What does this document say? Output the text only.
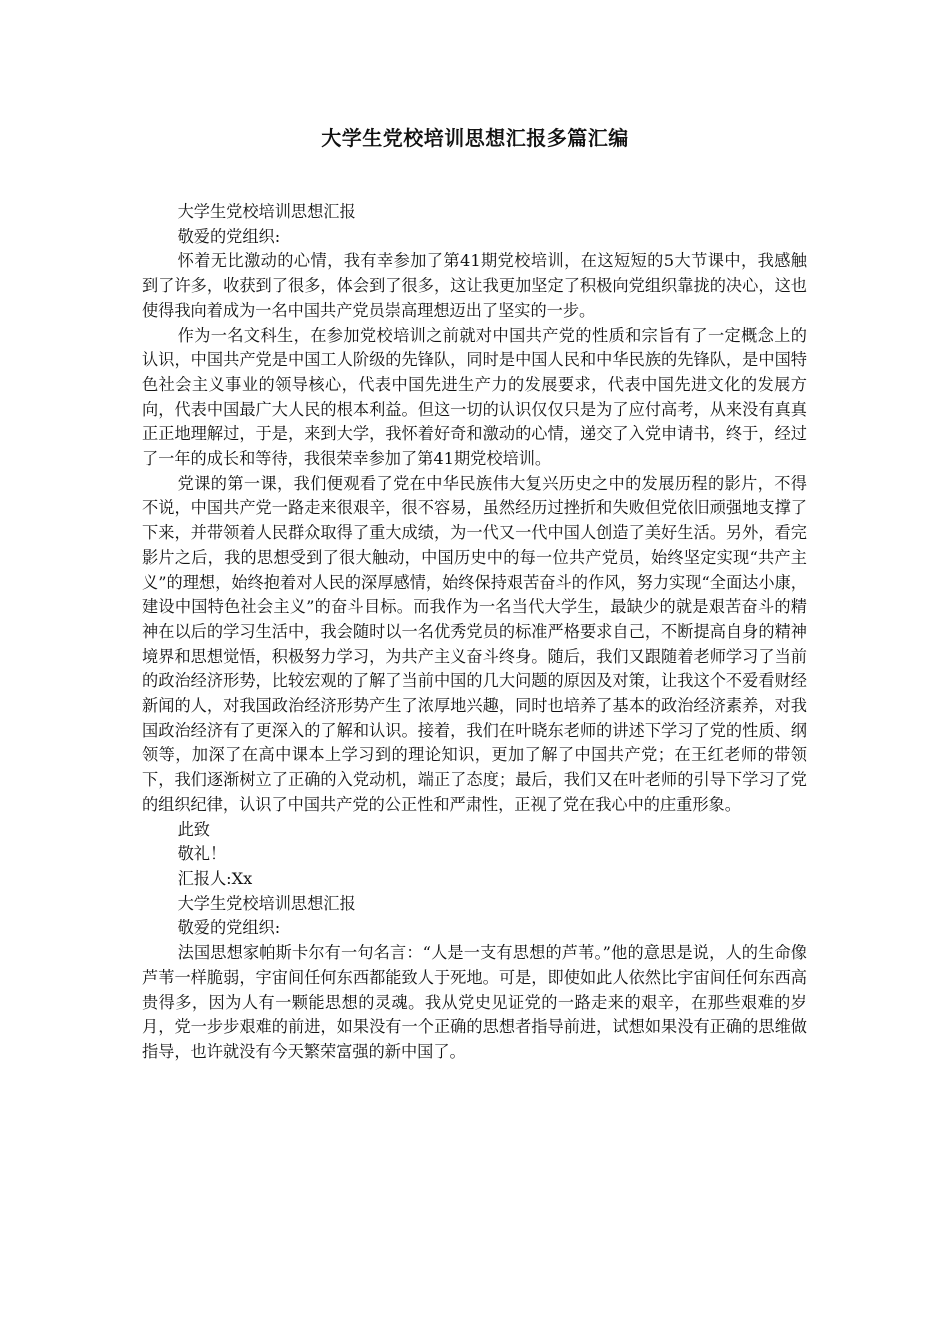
大学生党校培训思想汇报多篇汇编

大学生党校培训思想汇报

敬爱的党组织:

怀着无比激动的心情，我有幸参加了第41期党校培训，在这短短的5大节课中，我感触到了许多，收获到了很多，体会到了很多，这让我更加坚定了积极向党组织靠拢的决心，这也使得我向着成为一名中国共产党员崇高理想迈出了坚实的一步。

作为一名文科生，在参加党校培训之前就对中国共产党的性质和宗旨有了一定概念上的认识，中国共产党是中国工人阶级的先锋队，同时是中国人民和中华民族的先锋队，是中国特色社会主义事业的领导核心，代表中国先进生产力的发展要求，代表中国先进文化的发展方向，代表中国最广大人民的根本利益。但这一切的认识仅仅只是为了应付高考，从来没有真真正正地理解过，于是，来到大学，我怀着好奇和激动的心情，递交了入党申请书，终于，经过了一年的成长和等待，我很荣幸参加了第41期党校培训。

党课的第一课，我们便观看了党在中华民族伟大复兴历史之中的发展历程的影片，不得不说，中国共产党一路走来很艰辛，很不容易，虽然经历过挫折和失败但党依旧顽强地支撑了下来，并带领着人民群众取得了重大成绩，为一代又一代中国人创造了美好生活。另外，看完影片之后，我的思想受到了很大触动，中国历史中的每一位共产党员，始终坚定实现“共产主义”的理想，始终抱着对人民的深厚感情，始终保持艰苦奋斗的作风，努力实现“全面达小康，建设中国特色社会主义”的奋斗目标。而我作为一名当代大学生，最缺少的就是艰苦奋斗的精神在以后的学习生活中，我会随时以一名优秀党员的标准严格要求自己，不断提高自身的精神境界和思想觉悟，积极努力学习，为共产主义奋斗终身。随后，我们又跟随着老师学习了当前的政治经济形势，比较宏观的了解了当前中国的几大问题的原因及对策，让我这个不爱看财经新闻的人，对我国政治经济形势产生了浓厚地兴趣，同时也培养了基本的政治经济素养，对我国政治经济有了更深入的了解和认识。接着，我们在叶晓东老师的讲述下学习了党的性质、纲领等，加深了在高中课本上学习到的理论知识，更加了解了中国共产党；在王红老师的带领下，我们逐渐树立了正确的入党动机，端正了态度；最后，我们又在叶老师的引导下学习了党的组织纪律，认识了中国共产党的公正性和严肃性，正视了党在我心中的庄重形象。

此致

敬礼！

汇报人:Xx

大学生党校培训思想汇报

敬爱的党组织:

法国思想家帕斯卡尔有一句名言：“人是一支有思想的芦苇。”他的意思是说，人的生命像芦苇一样脆弱，宇宙间任何东西都能致人于死地。可是，即使如此人依然比宇宙间任何东西高贵得多，因为人有一颗能思想的灵魂。我从党史见证党的一路走来的艰辛，在那些艰难的岁月，党一步步艰难的前进，如果没有一个正确的思想者指导前进，试想如果没有正确的思维做指导，也许就没有今天繁荣富强的新中国了。
